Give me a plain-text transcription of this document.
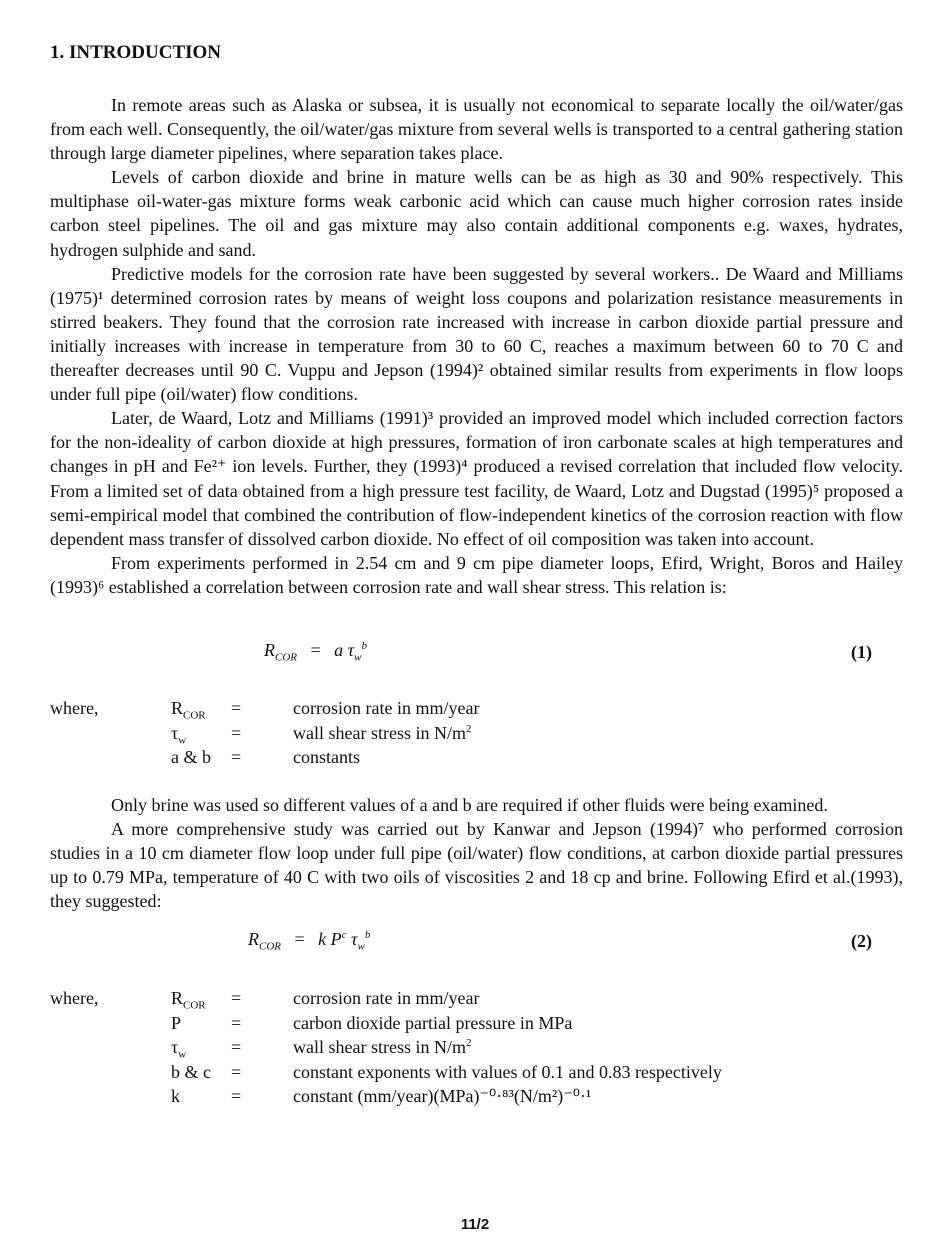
1. INTRODUCTION

In remote areas such as Alaska or subsea, it is usually not economical to separate locally the oil/water/gas from each well. Consequently, the oil/water/gas mixture from several wells is transported to a central gathering station through large diameter pipelines, where separation takes place.

Levels of carbon dioxide and brine in mature wells can be as high as 30 and 90% respectively. This multiphase oil-water-gas mixture forms weak carbonic acid which can cause much higher corrosion rates inside carbon steel pipelines. The oil and gas mixture may also contain additional components e.g. waxes, hydrates, hydrogen sulphide and sand.

Predictive models for the corrosion rate have been suggested by several workers.. De Waard and Milliams (1975)¹ determined corrosion rates by means of weight loss coupons and polarization resistance measurements in stirred beakers. They found that the corrosion rate increased with increase in carbon dioxide partial pressure and initially increases with increase in temperature from 30 to 60 C, reaches a maximum between 60 to 70 C and thereafter decreases until 90 C. Vuppu and Jepson (1994)² obtained similar results from experiments in flow loops under full pipe (oil/water) flow conditions.

Later, de Waard, Lotz and Milliams (1991)³ provided an improved model which included correction factors for the non-ideality of carbon dioxide at high pressures, formation of iron carbonate scales at high temperatures and changes in pH and Fe²⁺ ion levels. Further, they (1993)⁴ produced a revised correlation that included flow velocity. From a limited set of data obtained from a high pressure test facility, de Waard, Lotz and Dugstad (1995)⁵ proposed a semi-empirical model that combined the contribution of flow-independent kinetics of the corrosion reaction with flow dependent mass transfer of dissolved carbon dioxide. No effect of oil composition was taken into account.

From experiments performed in 2.54 cm and 9 cm pipe diameter loops, Efird, Wright, Boros and Hailey (1993)⁶ established a correlation between corrosion rate and wall shear stress. This relation is:

$R_{COR} = a$ $\tau_w^b$	(1)
where,	$R_{COR}$	=	corrosion rate in mm/year
$\tau_w$	=	wall shear stress in $N/m^2$
a & b	=	constants

Only brine was used so different values of a and b are required if other fluids were being examined.

A more comprehensive study was carried out by Kanwar and Jepson (1994)⁷ who performed corrosion studies in a 10 cm diameter flow loop under full pipe (oil/water) flow conditions, at carbon dioxide partial pressures up to 0.79 MPa, temperature of 40 C with two oils of viscosities 2 and 18 cp and brine. Following Efird et al.(1993), they suggested:

$R_{COR} = k$ $P^c$ $\tau_w^b$	(2)
where,	$R_{COR}$	=	corrosion rate in mm/year
P	=	carbon dioxide partial pressure in MPa
$\tau_w$	=	wall shear stress in $N/m^2$
b & c	=	constant exponents with values of 0.1 and 0.83 respectively
k	=	constant (mm/year)(MPa)⁻⁰·⁸³(N/m²)⁻⁰·¹
11/2
